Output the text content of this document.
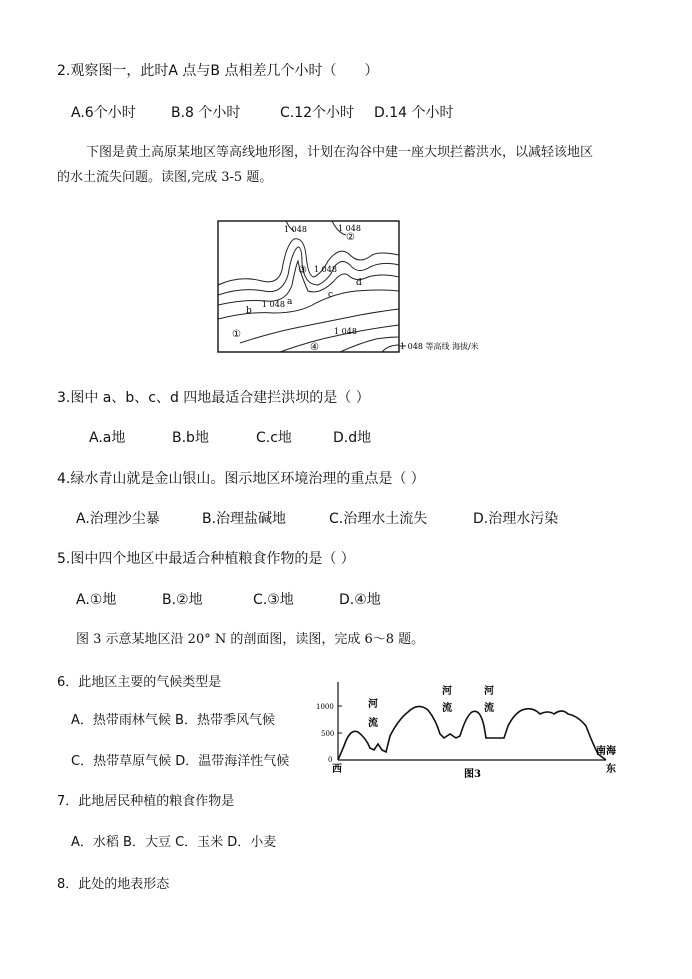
2.观察图一，此时A 点与B 点相差几个小时（　　）
A.6个小时	B.8 个小时	C.12个小时 D.14 个小时
下图是黄土高原某地区等高线地形图，计划在沟谷中建一座大坝拦蓄洪水，以减轻该地区
的水土流失问题。读图,完成 3-5 题。
1 048	1 048
1 048
1 048
1 048
①
②
③
④
a
b
c
d
1 048 等高线 海拔/米
3.图中 a、b、c、d 四地最适合建拦洪坝的是（ ）
A.a地	B.b地	C.c地	D.d地
4.绿水青山就是金山银山。图示地区环境治理的重点是（ ）
A.治理沙尘暴	B.治理盐碱地	C.治理水土流失	D.治理水污染
5.图中四个地区中最适合种植粮食作物的是（ ）
A.①地	B.②地	C.③地	D.④地
图 3 示意某地区沿 20° N 的剖面图，读图，完成 6～8 题。
6．此地区主要的气候类型是
A．热带雨林气候 B．热带季风气候
C．热带草原气候 D．温带海洋性气候
1000
500
0
河
流
河
流
河
流
南海
西	东
图3
7．此地居民种植的粮食作物是
A．水稻 B．大豆 C．玉米 D．小麦
8．此处的地表形态
